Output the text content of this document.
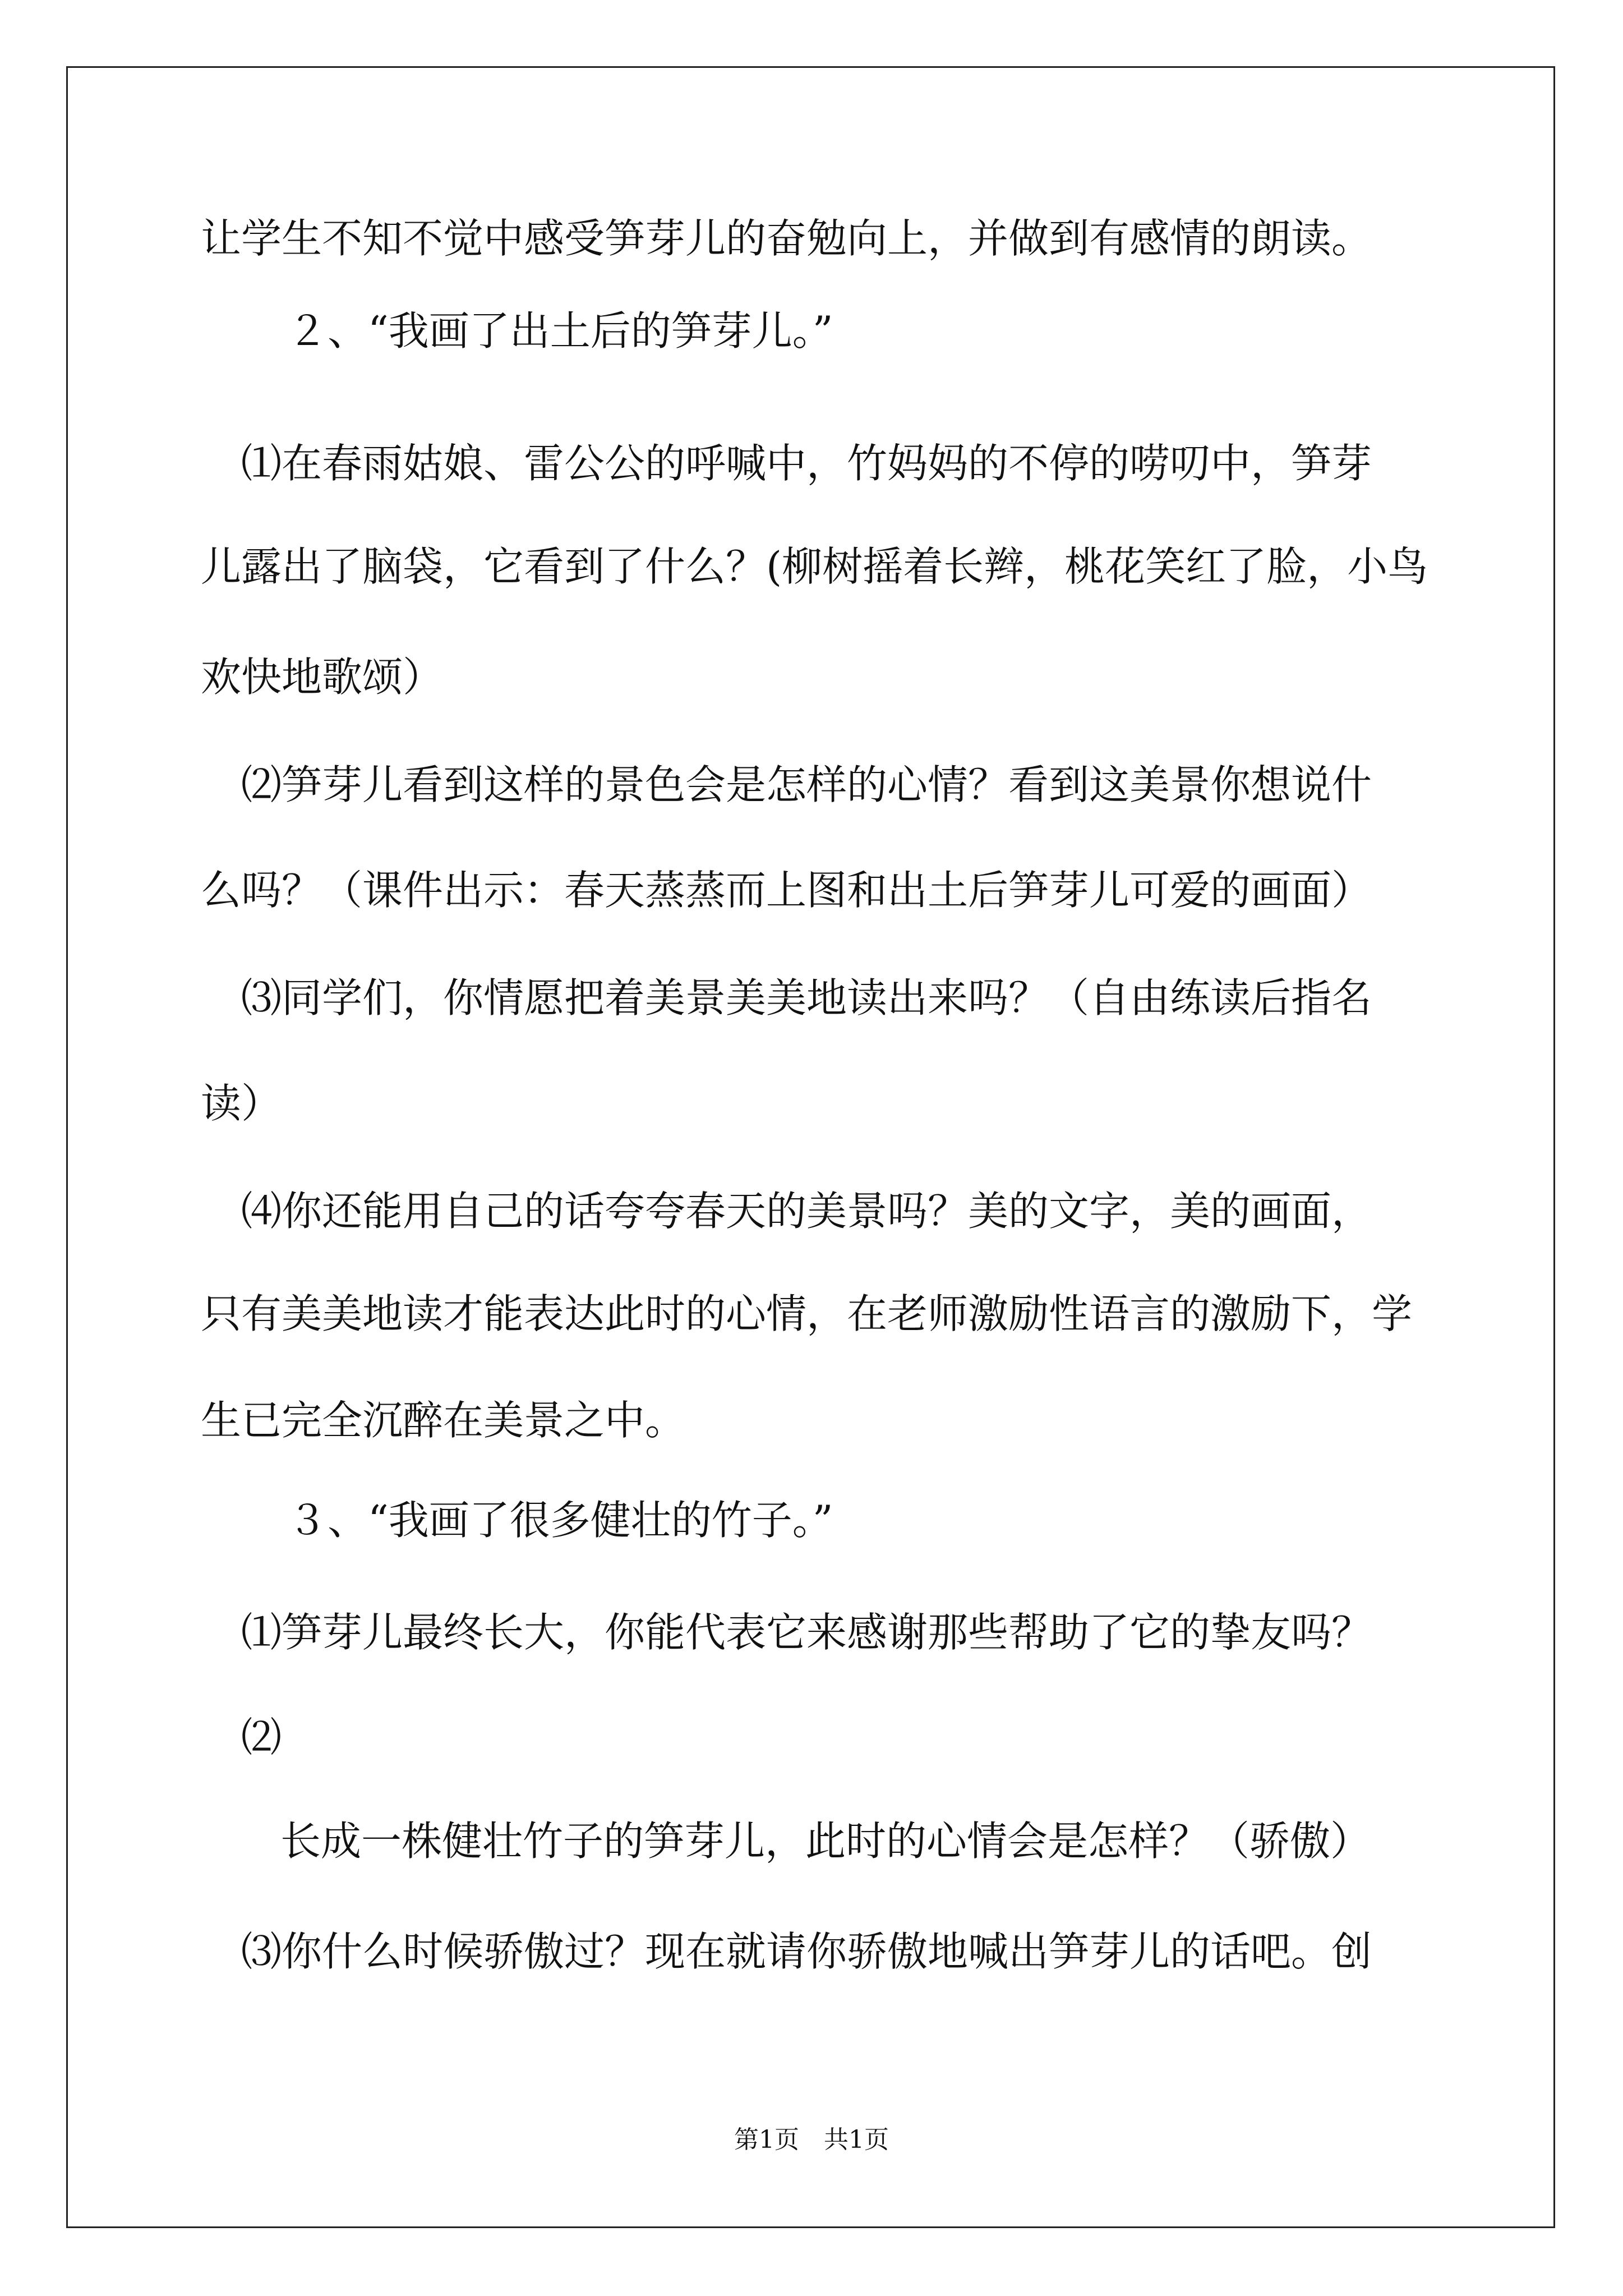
让学生不知不觉中感受笋芽儿的奋勉向上，并做到有感情的朗读。

２、“我画了出土后的笋芽儿。”

⑴在春雨姑娘、雷公公的呼喊中，竹妈妈的不停的唠叨中，笋芽

儿露出了脑袋，它看到了什么？(柳树摇着长辫，桃花笑红了脸，小鸟

欢快地歌颂）

⑵笋芽儿看到这样的景色会是怎样的心情？看到这美景你想说什

么吗？（课件出示：春天蒸蒸而上图和出土后笋芽儿可爱的画面）

⑶同学们，你情愿把着美景美美地读出来吗？（自由练读后指名

读）

⑷你还能用自己的话夸夸春天的美景吗？美的文字，美的画面，

只有美美地读才能表达此时的心情，在老师激励性语言的激励下，学

生已完全沉醉在美景之中。

３、“我画了很多健壮的竹子。”

⑴笋芽儿最终长大，你能代表它来感谢那些帮助了它的挚友吗？

⑵

长成一株健壮竹子的笋芽儿，此时的心情会是怎样？（骄傲）

⑶你什么时候骄傲过？现在就请你骄傲地喊出笋芽儿的话吧。创

第1页　共1页
